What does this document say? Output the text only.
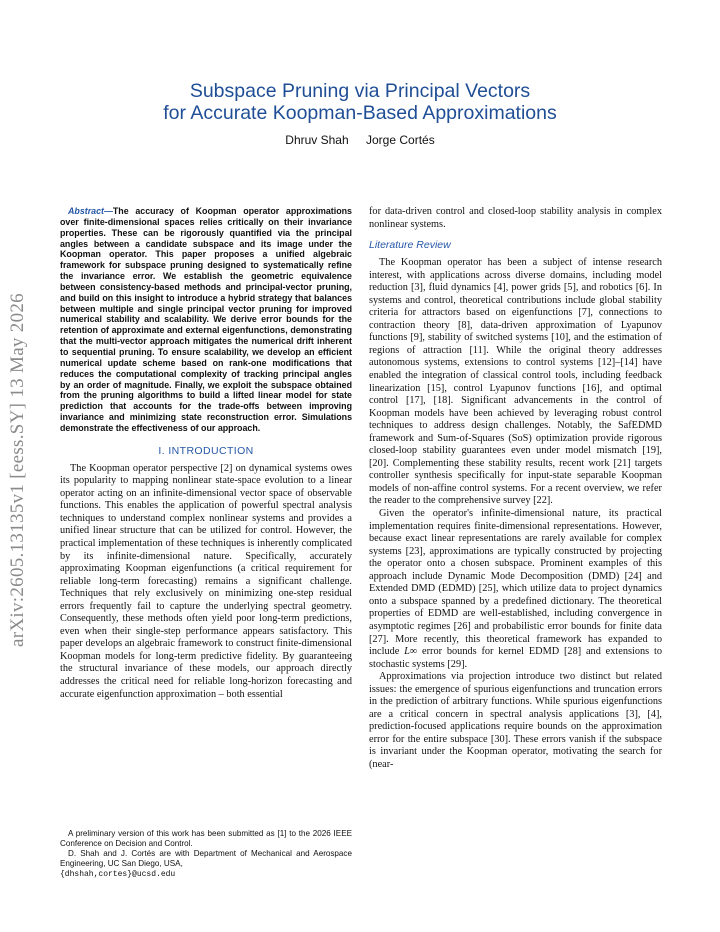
arXiv:2605.13135v1 [eess.SY] 13 May 2026
Subspace Pruning via Principal Vectors
for Accurate Koopman-Based Approximations
Dhruv Shah Jorge Cortés

Abstract—The accuracy of Koopman operator approximations over finite-dimensional spaces relies critically on their invariance properties. These can be rigorously quantified via the principal angles between a candidate subspace and its image under the Koopman operator. This paper proposes a unified algebraic framework for subspace pruning designed to systematically refine the invariance error. We establish the geometric equivalence between consistency-based methods and principal-vector pruning, and build on this insight to introduce a hybrid strategy that balances between multiple and single principal vector pruning for improved numerical stability and scalability. We derive error bounds for the retention of approximate and external eigenfunctions, demonstrating that the multi-vector approach mitigates the numerical drift inherent to sequential pruning. To ensure scalability, we develop an efficient numerical update scheme based on rank-one modifications that reduces the computational complexity of tracking principal angles by an order of magnitude. Finally, we exploit the subspace obtained from the pruning algorithms to build a lifted linear model for state prediction that accounts for the trade-offs between improving invariance and minimizing state reconstruction error. Simulations demonstrate the effectiveness of our approach.

I. INTRODUCTION

The Koopman operator perspective [2] on dynamical systems owes its popularity to mapping nonlinear state-space evolution to a linear operator acting on an infinite-dimensional vector space of observable functions. This enables the application of powerful spectral analysis techniques to understand complex nonlinear systems and provides a unified linear structure that can be utilized for control. However, the practical implementation of these techniques is inherently complicated by its infinite-dimensional nature. Specifically, accurately approximating Koopman eigenfunctions (a critical requirement for reliable long-term forecasting) remains a significant challenge. Techniques that rely exclusively on minimizing one-step residual errors frequently fail to capture the underlying spectral geometry. Consequently, these methods often yield poor long-term predictions, even when their single-step performance appears satisfactory. This paper develops an algebraic framework to construct finite-dimensional Koopman models for long-term predictive fidelity. By guaranteeing the structural invariance of these models, our approach directly addresses the critical need for reliable long-horizon forecasting and accurate eigenfunction approximation – both essential

for data-driven control and closed-loop stability analysis in complex nonlinear systems.

Literature Review

The Koopman operator has been a subject of intense research interest, with applications across diverse domains, including model reduction [3], fluid dynamics [4], power grids [5], and robotics [6]. In systems and control, theoretical contributions include global stability criteria for attractors based on eigenfunctions [7], connections to contraction theory [8], data-driven approximation of Lyapunov functions [9], stability of switched systems [10], and the estimation of regions of attraction [11]. While the original theory addresses autonomous systems, extensions to control systems [12]–[14] have enabled the integration of classical control tools, including feedback linearization [15], control Lyapunov functions [16], and optimal control [17], [18]. Significant advancements in the control of Koopman models have been achieved by leveraging robust control techniques to address design challenges. Notably, the SafEDMD framework and Sum-of-Squares (SoS) optimization provide rigorous closed-loop stability guarantees even under model mismatch [19], [20]. Complementing these stability results, recent work [21] targets controller synthesis specifically for input-state separable Koopman models of non-affine control systems. For a recent overview, we refer the reader to the comprehensive survey [22].

Given the operator's infinite-dimensional nature, its practical implementation requires finite-dimensional representations. However, because exact linear representations are rarely available for complex systems [23], approximations are typically constructed by projecting the operator onto a chosen subspace. Prominent examples of this approach include Dynamic Mode Decomposition (DMD) [24] and Extended DMD (EDMD) [25], which utilize data to project dynamics onto a subspace spanned by a predefined dictionary. The theoretical properties of EDMD are well-established, including convergence in asymptotic regimes [26] and probabilistic error bounds for finite data [27]. More recently, this theoretical framework has expanded to include L∞ error bounds for kernel EDMD [28] and extensions to stochastic systems [29].

Approximations via projection introduce two distinct but related issues: the emergence of spurious eigenfunctions and truncation errors in the prediction of arbitrary functions. While spurious eigenfunctions are a critical concern in spectral analysis applications [3], [4], prediction-focused applications require bounds on the approximation error for the entire subspace [30]. These errors vanish if the subspace is invariant under the Koopman operator, motivating the search for (near-

A preliminary version of this work has been submitted as [1] to the 2026 IEEE Conference on Decision and Control.

D. Shah and J. Cortés are with Department of Mechanical and Aerospace Engineering, UC San Diego, USA,
{dhshah,cortes}@ucsd.edu
